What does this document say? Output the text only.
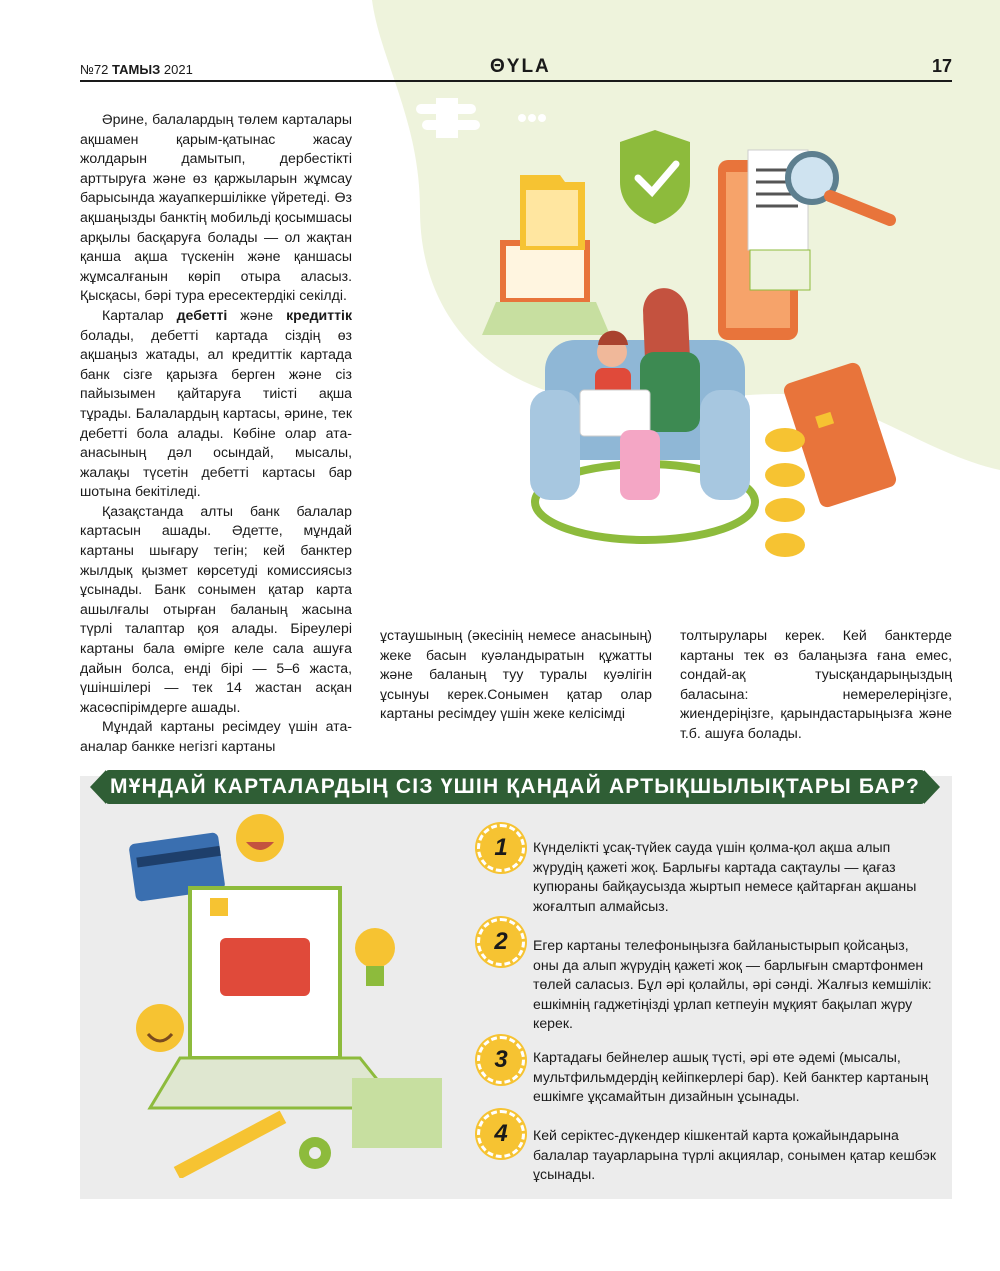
№72 ТАМЫЗ 2021	ΘYLA	17

Әрине, балалардың төлем карталары ақшамен қарым-қатынас жасау жолдарын дамытып, дербестікті арттыруға және өз қаржыларын жұмсау барысында жауапкершілікке үйретеді. Өз ақшаңызды банктің мобильді қосымшасы арқылы басқаруға болады — ол жақтан қанша ақша түскенін және қаншасы жұмсалғанын көріп отыра аласыз. Қысқасы, бәрі тура ересектердікі секілді.

Карталар дебетті және кредиттік болады, дебетті картада сіздің өз ақшаңыз жатады, ал кредиттік картада банк сізге қарызға берген және сіз пайызымен қайтаруға тиісті ақша тұрады. Балалардың картасы, әрине, тек дебетті бола алады. Көбіне олар ата-анасының дәл осындай, мысалы, жалақы түсетін дебетті картасы бар шотына бекітіледі.

Қазақстанда алты банк балалар картасын ашады. Әдетте, мұндай картаны шығару тегін; кей банктер жылдық қызмет көрсетуді комиссиясыз ұсынады. Банк сонымен қатар карта ашылғалы отырған баланың жасына түрлі талаптар қоя алады. Біреулері картаны бала өмірге келе сала ашуға дайын болса, енді бірі — 5–6 жаста, үшіншілері — тек 14 жастан асқан жасөспірімдерге ашады.

Мұндай картаны ресімдеу үшін ата-аналар банкке негізгі картаны

ұстаушының (әкесінің немесе анасының) жеке басын куәландыратын құжатты және баланың туу туралы куәлігін ұсынуы керек.Сонымен қатар олар картаны ресімдеу үшін жеке келісімді

толтырулары керек. Кей банктерде картаны тек өз балаңызға ғана емес, сондай-ақ туысқандарыңыздың баласына: немерелеріңізге, жиендеріңізге, қарындастарыңызға және т.б. ашуға болады.

МҰНДАЙ КАРТАЛАРДЫҢ СІЗ ҮШІН ҚАНДАЙ АРТЫҚШЫЛЫҚТАРЫ БАР?
1	Күнделікті ұсақ-түйек сауда үшін қолма-қол ақша алып жүрудің қажеті жоқ. Барлығы картада сақтаулы — қағаз купюраны байқаусызда жыртып немесе қайтарған ақшаны жоғалтып алмайсыз.
2	Егер картаны телефоныңызға байланыстырып қойсаңыз, оны да алып жүрудің қажеті жоқ — барлығын смартфонмен төлей саласыз. Бұл әрі қолайлы, әрі сәнді. Жалғыз кемшілік: ешкімнің гаджетіңізді ұрлап кетпеуін мұқият бақылап жүру керек.
3	Картадағы бейнелер ашық түсті, әрі өте әдемі (мысалы, мультфильмдердің кейіпкерлері бар). Кей банктер картаның ешкімге ұқсамайтын дизайнын ұсынады.
4	Кей серіктес-дүкендер кішкентай карта қожайындарына балалар тауарларына түрлі акциялар, сонымен қатар кешбэк ұсынады.
